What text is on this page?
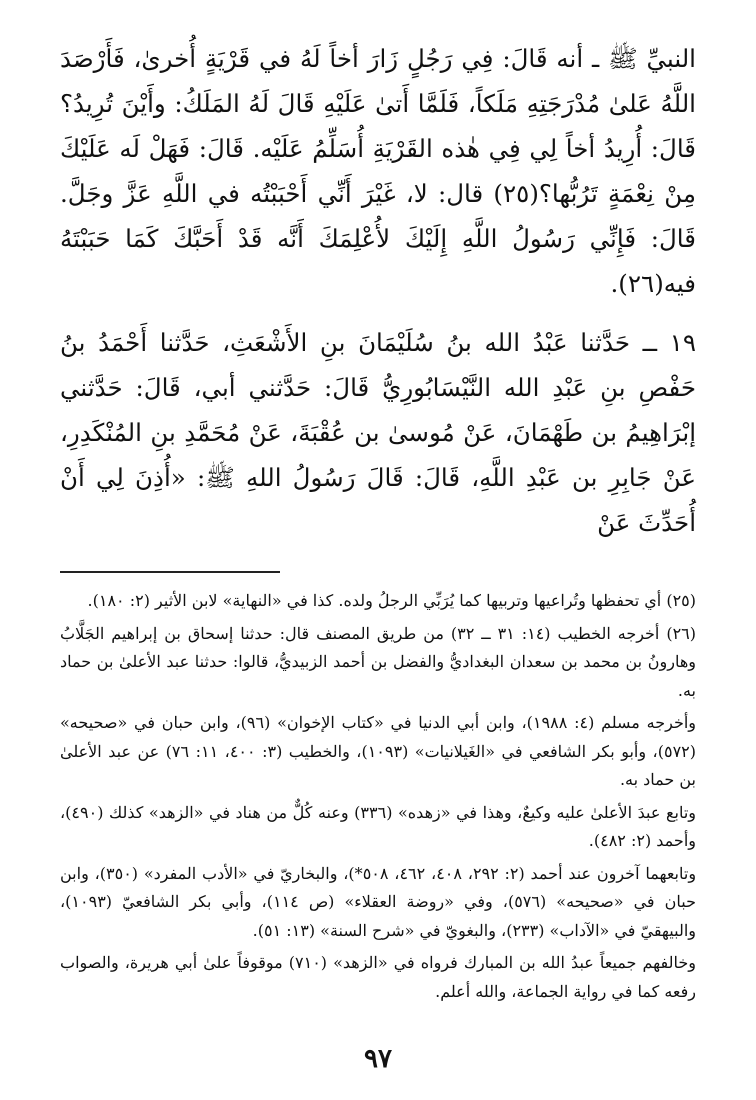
النبيِّ ﷺ ـ أنه قَالَ: فِي رَجُلٍ زَارَ أخاً لَهُ في قَرْيَةٍ أُخرىٰ، فَأَرْصَدَ اللَّهُ عَلىٰ مُدْرَجَتِهِ مَلَكاً، فَلَمَّا أَتىٰ عَلَيْهِ قَالَ لَهُ المَلَكُ: وأَيْنَ تُرِيدُ؟ قَالَ: أُرِيدُ أخاً لِي فِي هٰذه القَرْيَةِ أُسَلِّمُ عَلَيْه. قَالَ: فَهَلْ لَه عَلَيْكَ مِنْ نِعْمَةٍ تَرُبُّها؟(٢٥) قال: لا، غَيْرَ أَنِّي أَحْبَبْتُه في اللَّهِ عَزَّ وجَلَّ. قَالَ: فَإِنِّي رَسُولُ اللَّهِ إِلَيْكَ لأُعْلِمَكَ أَنَّه قَدْ أَحَبَّكَ كَمَا حَبَبْتَهُ فيه(٢٦).

١٩ ــ حَدَّثنا عَبْدُ الله بنُ سُلَيْمَانَ بنِ الأَشْعَثِ، حَدَّثنا أَحْمَدُ بنُ حَفْصِ بنِ عَبْدِ الله النَّيْسَابُورِيُّ قَالَ: حَدَّثني أبي، قَالَ: حَدَّثني إبْرَاهِيمُ بن طَهْمَانَ، عَنْ مُوسىٰ بن عُقْبَةَ، عَنْ مُحَمَّدِ بنِ المُنْكَدِرِ، عَنْ جَابِرِ بن عَبْدِ اللَّهِ، قَالَ: قَالَ رَسُولُ اللهِ ﷺ: «أُذِنَ لِي أَنْ أُحَدِّثَ عَنْ

(٢٥) أي تحفظها وتُراعيها وتربيها كما يُرَبِّي الرجلُ ولده. كذا في «النهاية» لابن الأثير (٢: ١٨٠).

(٢٦) أخرجه الخطيب (١٤: ٣١ ــ ٣٢) من طريق المصنف قال: حدثنا إسحاق بن إبراهيم الجَلَّابُ وهارونُ بن محمد بن سعدان البغداديُّ والفضل بن أحمد الزبيديُّ، قالوا: حدثنا عبد الأعلىٰ بن حماد به.

وأخرجه مسلم (٤: ١٩٨٨)، وابن أبي الدنيا في «كتاب الإخوان» (٩٦)، وابن حبان في «صحيحه» (٥٧٢)، وأبو بكر الشافعي في «الغَيلانيات» (١٠٩٣)، والخطيب (٣: ٤٠٠، ١١: ٧٦) عن عبد الأعلىٰ بن حماد به.

وتابع عبدَ الأعلىٰ عليه وكيعٌ، وهذا في «زهده» (٣٣٦) وعنه كُلٌّ من هناد في «الزهد» كذلك (٤٩٠)، وأحمد (٢: ٤٨٢).

وتابعهما آخرون عند أحمد (٢: ٢٩٢، ٤٠٨، ٤٦٢، ٥٠٨*)، والبخاريّ في «الأدب المفرد» (٣٥٠)، وابن حبان في «صحيحه» (٥٧٦)، وفي «روضة العقلاء» (ص ١١٤)، وأبي بكر الشافعيّ (١٠٩٣)، والبيهقيّ في «الآداب» (٢٣٣)، والبغويّ في «شرح السنة» (١٣: ٥١).

وخالفهم جميعاً عبدُ الله بن المبارك فرواه في «الزهد» (٧١٠) موقوفاً علىٰ أبي هريرة، والصواب رفعه كما في رواية الجماعة، والله أعلم.

٩٧
